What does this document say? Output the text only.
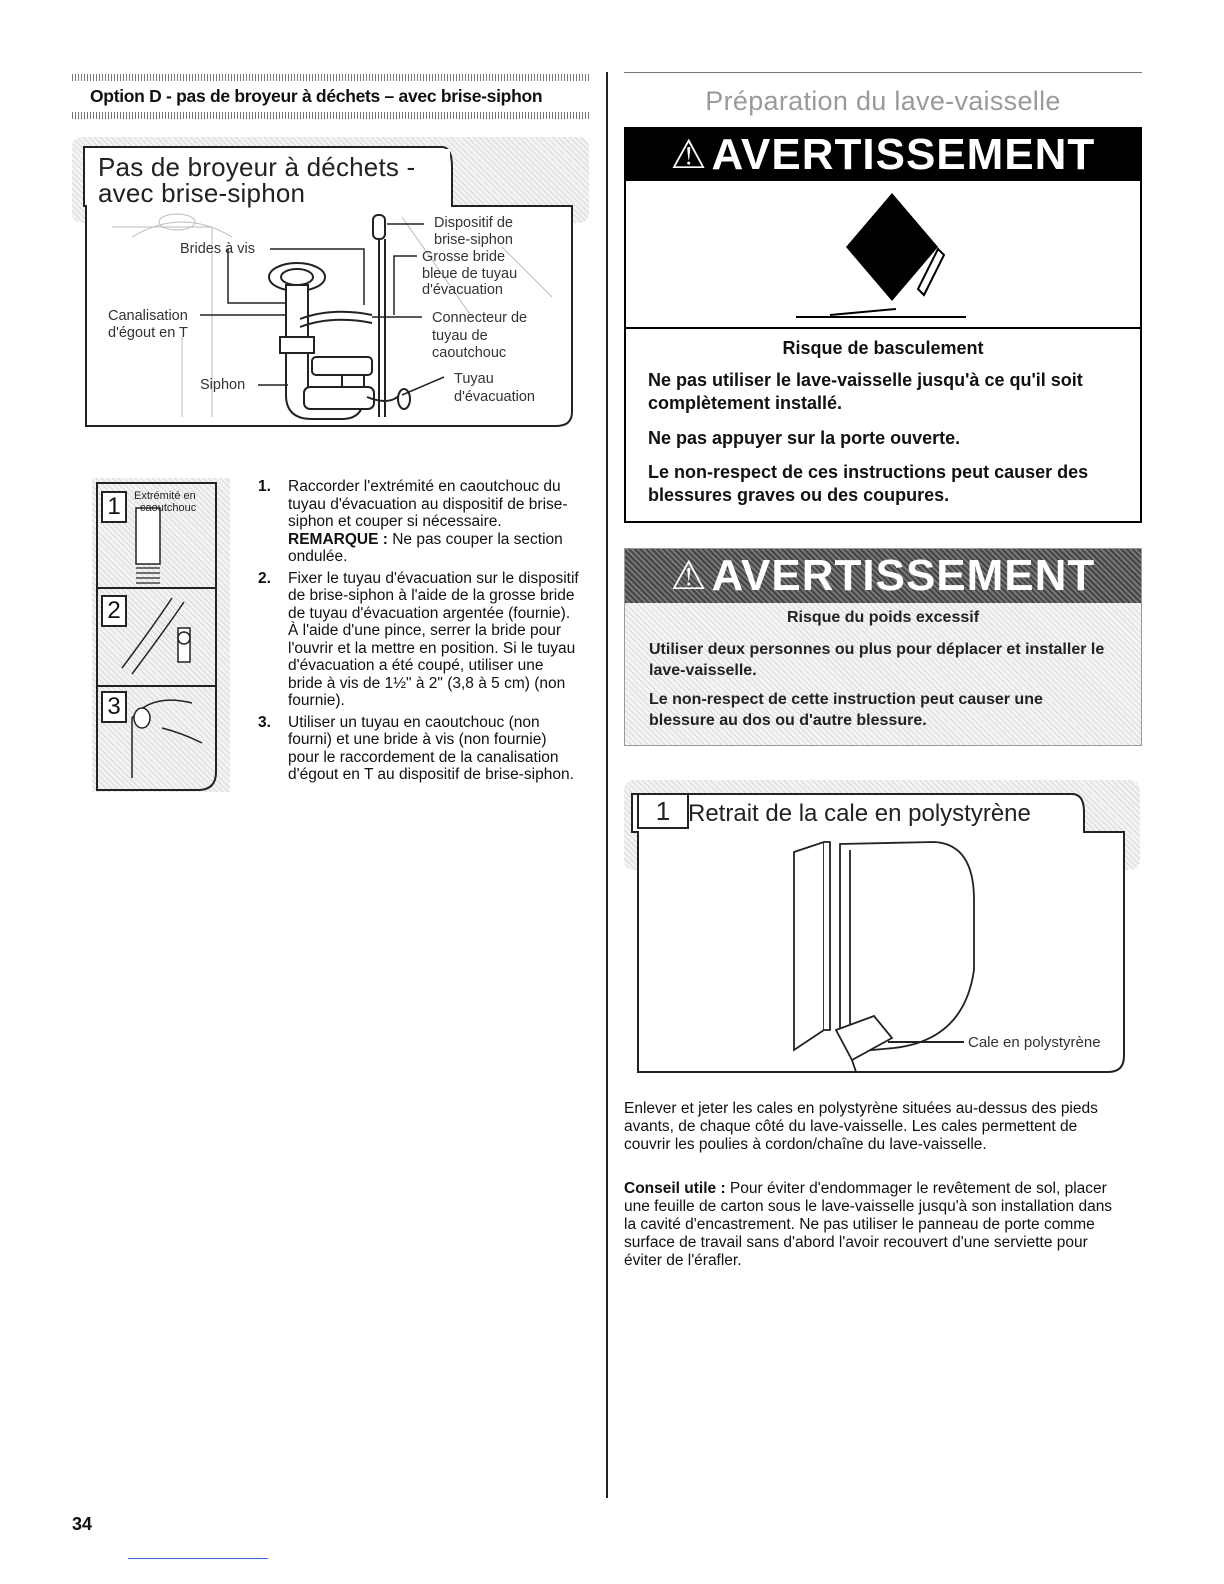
Option D - pas de broyeur à déchets – avec brise-siphon
Pas de broyeur à déchets -
avec brise-siphon
Brides à vis
Dispositif de
brise-siphon
Grosse bride
bleue de tuyau
d'évacuation
Canalisation
d'égout en T
Connecteur de
tuyau de
caoutchouc
Siphon	Tuyau
d'évacuation
1
2
3
Extrémité en
caoutchouc
1. Raccorder l'extrémité en caoutchouc du tuyau d'évacuation au dispositif de brise-siphon et couper si nécessaire.
REMARQUE : Ne pas couper la section ondulée.
2. Fixer le tuyau d'évacuation sur le dispositif de brise-siphon à l'aide de la grosse bride de tuyau d'évacuation argentée (fournie). À l'aide d'une pince, serrer la bride pour l'ouvrir et la mettre en position. Si le tuyau d'évacuation a été coupé, utiliser une bride à vis de 1½" à 2" (3,8 à 5 cm) (non fournie).
3. Utiliser un tuyau en caoutchouc (non fourni) et une bride à vis (non fournie) pour le raccordement de la canalisation d'égout en T au dispositif de brise-siphon.
34
Préparation du lave-vaisselle
⚠ AVERTISSEMENT
Risque de basculement
Ne pas utiliser le lave-vaisselle jusqu'à ce qu'il soit complètement installé.
Ne pas appuyer sur la porte ouverte.
Le non-respect de ces instructions peut causer des blessures graves ou des coupures.
⚠ AVERTISSEMENT
Risque du poids excessif
Utiliser deux personnes ou plus pour déplacer et installer le lave-vaisselle.
Le non-respect de cette instruction peut causer une blessure au dos ou d'autre blessure.
1 Retrait de la cale en polystyrène
Cale en polystyrène
Enlever et jeter les cales en polystyrène situées au-dessus des pieds avants, de chaque côté du lave-vaisselle. Les cales permettent de couvrir les poulies à cordon/chaîne du lave-vaisselle.
Conseil utile : Pour éviter d'endommager le revêtement de sol, placer une feuille de carton sous le lave-vaisselle jusqu'à son installation dans la cavité d'encastrement. Ne pas utiliser le panneau de porte comme surface de travail sans d'abord l'avoir recouvert d'une serviette pour éviter de l'érafler.
